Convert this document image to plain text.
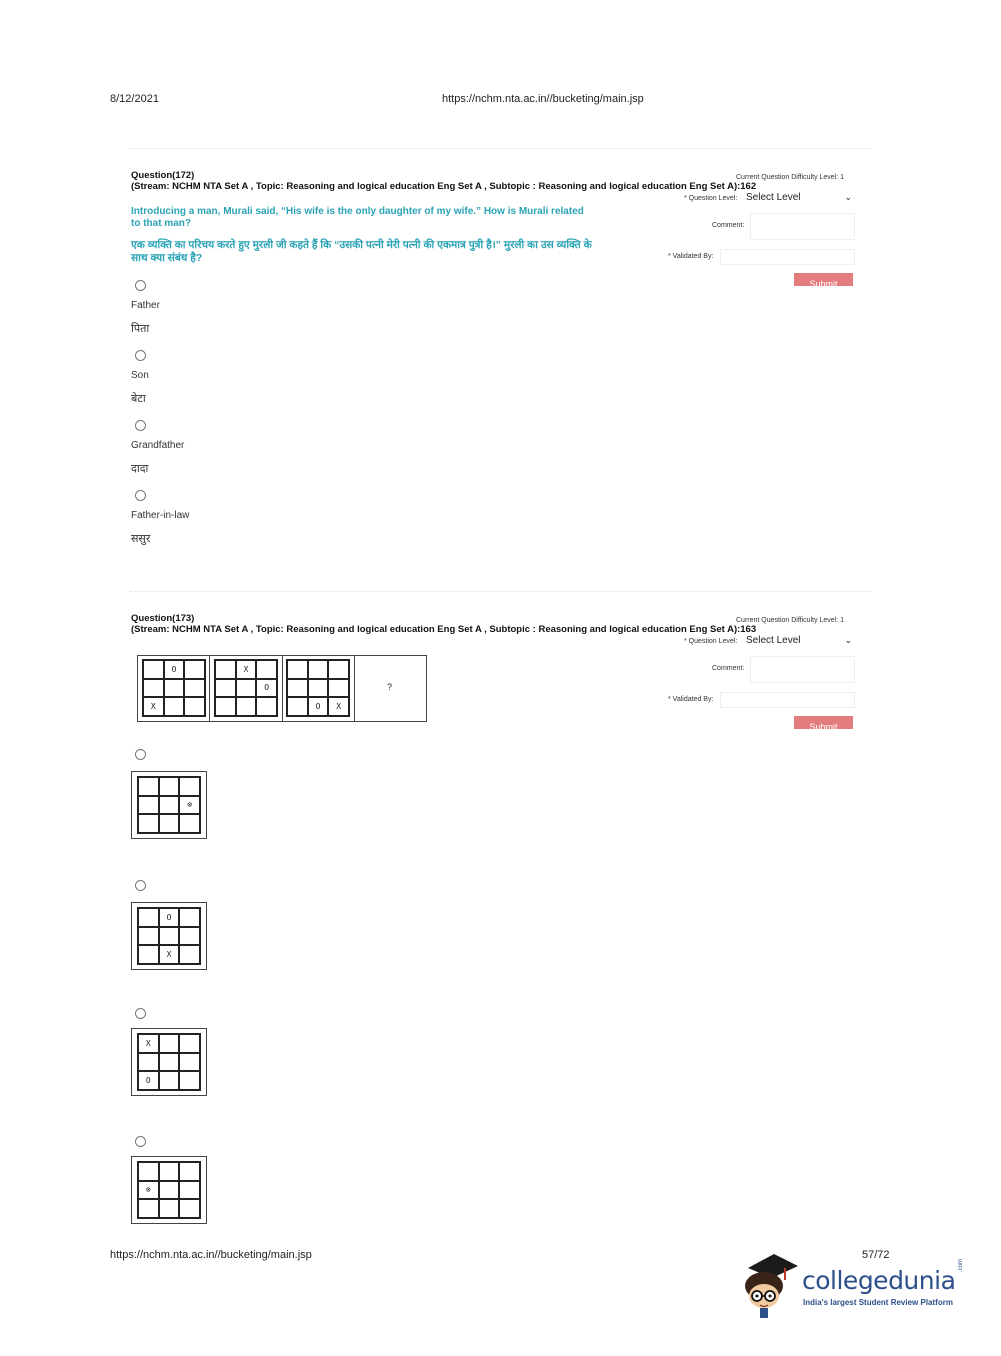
8/12/2021	https://nchm.nta.ac.in//bucketing/main.jsp
Question(172)
(Stream: NCHM NTA Set A , Topic: Reasoning and logical education Eng Set A , Subtopic : Reasoning and logical education Eng Set A):162
Current Question Difficulty Level: 1
Introducing a man, Murali said, “His wife is the only daughter of my wife.” How is Murali related to that man?
एक व्यक्ति का परिचय करते हुए मुरली जी कहते हैं कि “उसकी पत्नी मेरी पत्नी की एकमात्र पुत्री है।” मुरली का उस व्यक्ति के साथ क्या संबंध है?
* Question Level: Select Level	⌄
Comment:
* Validated By:
Submit
Father
पिता
Son
बेटा
Grandfather
दादा
Father-in-law
ससुर
Question(173)
(Stream: NCHM NTA Set A , Topic: Reasoning and logical education Eng Set A , Subtopic : Reasoning and logical education Eng Set A):163
Current Question Difficulty Level: 1
* Question Level: Select Level	⌄
Comment:
* Validated By:
Submit
?
O
X
X
O
O	X
⊗
O
X
X
O
⊗
https://nchm.nta.ac.in//bucketing/main.jsp	57/72
collegedunia
.com
India's largest Student Review Platform
